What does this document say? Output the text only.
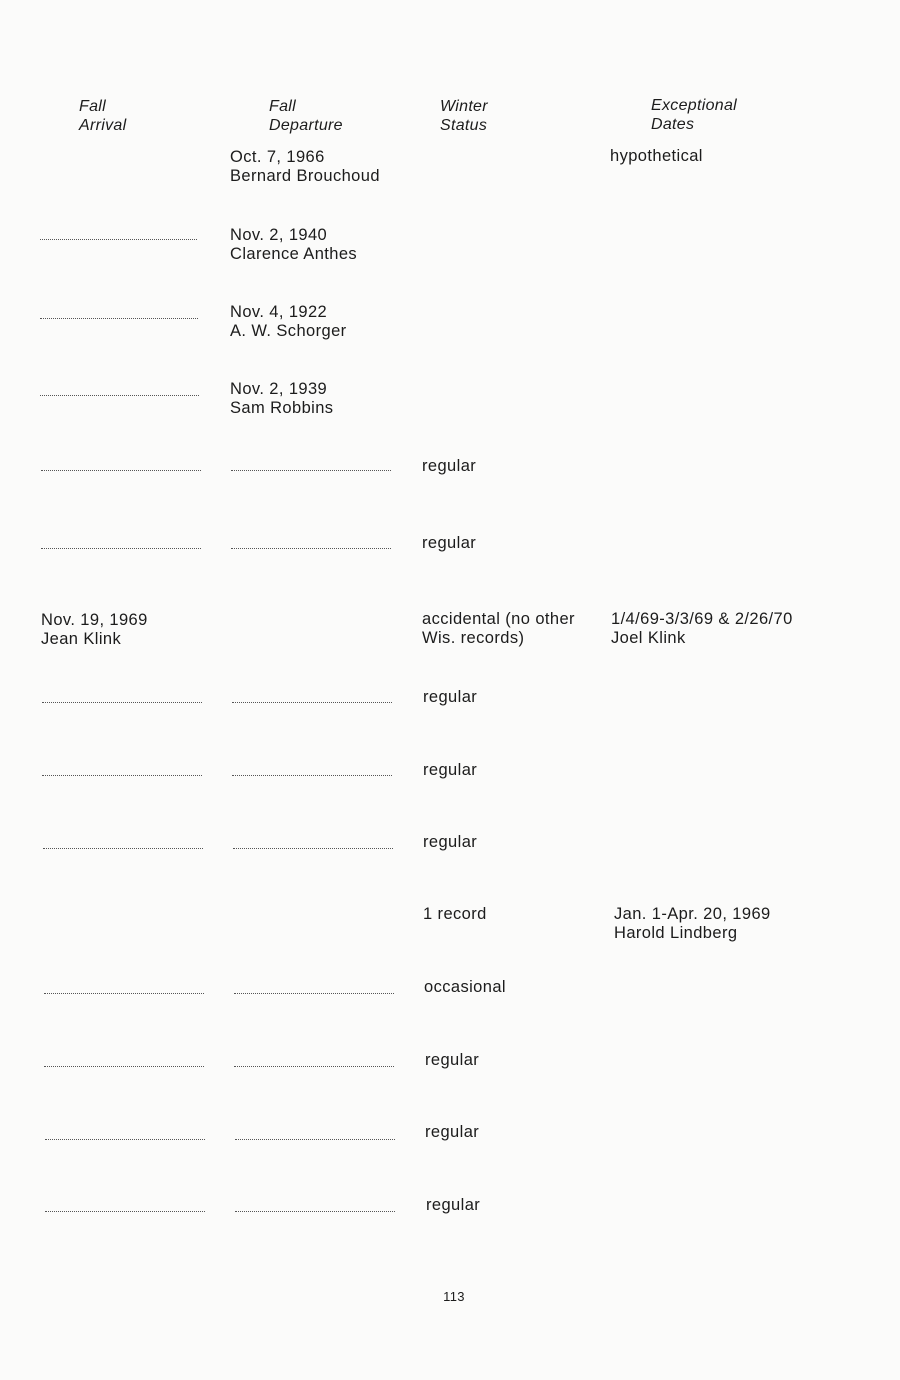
Fall
Arrival
Fall
Departure
Winter
Status
Exceptional
Dates
Oct. 7, 1966
Bernard Brouchoud
hypothetical
Nov. 2, 1940
Clarence Anthes
Nov. 4, 1922
A. W. Schorger
Nov. 2, 1939
Sam Robbins
regular
regular
Nov. 19, 1969
Jean Klink
accidental (no other
Wis. records)
1/4/69-3/3/69 & 2/26/70
Joel Klink
regular
regular
regular
1 record	Jan. 1-Apr. 20, 1969
Harold Lindberg
occasional
regular
regular
regular
113
